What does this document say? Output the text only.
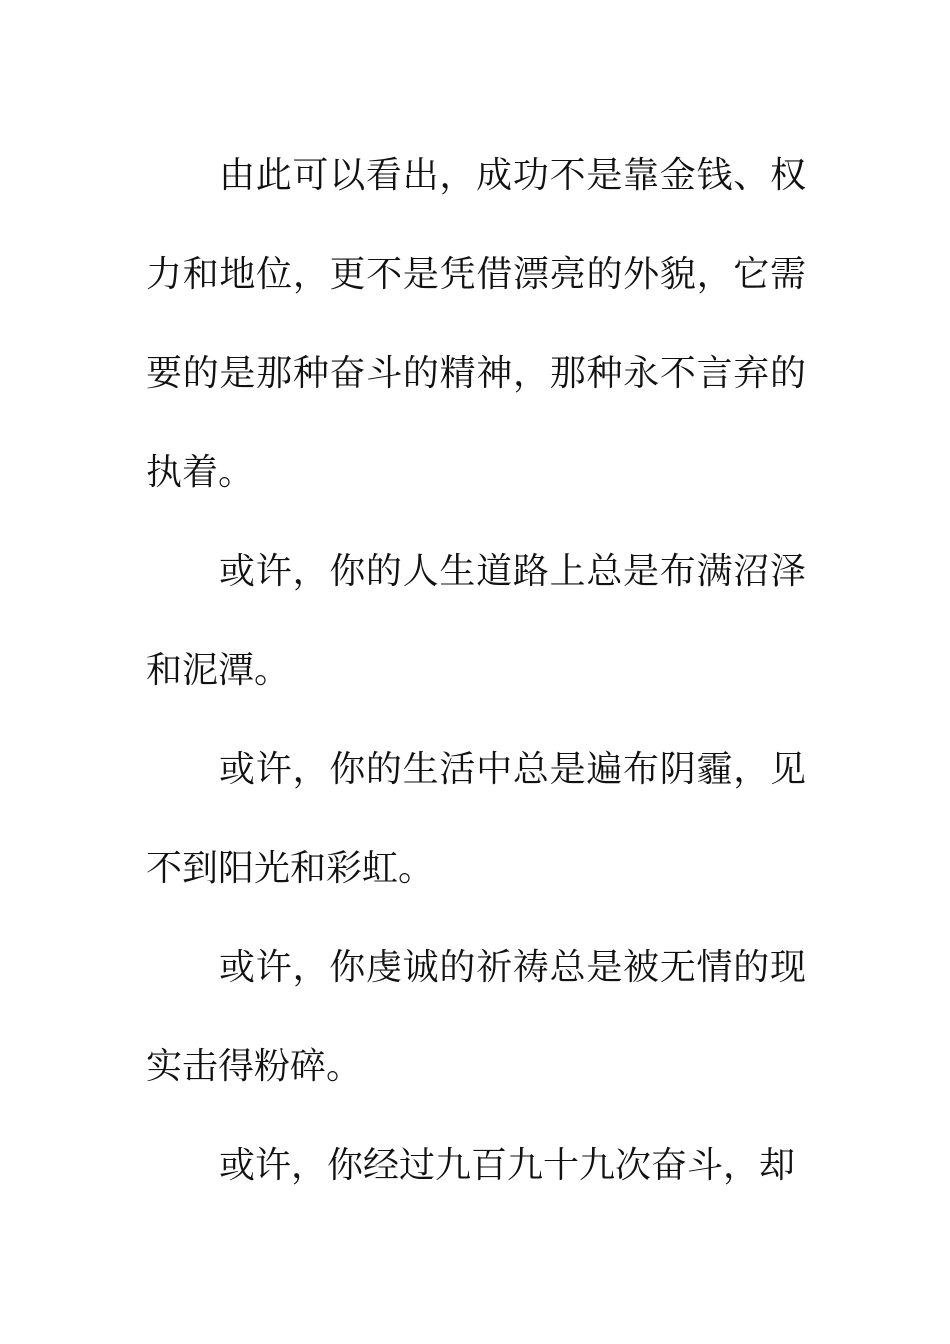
由此可以看出，成功不是靠金钱、权力和地位，更不是凭借漂亮的外貌，它需要的是那种奋斗的精神，那种永不言弃的执着。

或许，你的人生道路上总是布满沼泽和泥潭。

或许，你的生活中总是遍布阴霾，见不到阳光和彩虹。

或许，你虔诚的祈祷总是被无情的现实击得粉碎。

或许，你经过九百九十九次奋斗，却
